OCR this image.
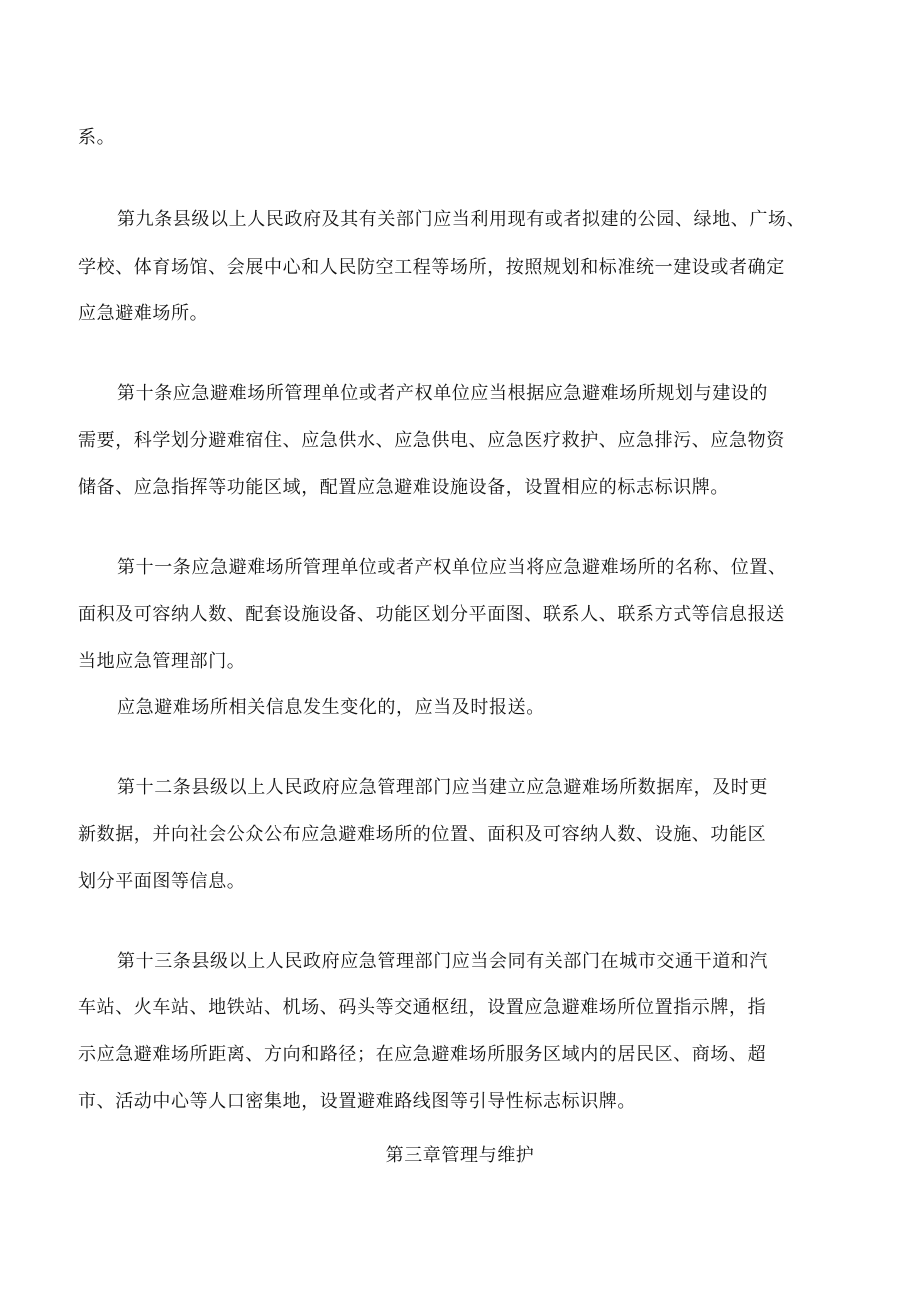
系。
第九条县级以上人民政府及其有关部门应当利用现有或者拟建的公园、绿地、广场、
学校、体育场馆、会展中心和人民防空工程等场所，按照规划和标准统一建设或者确定
应急避难场所。
第十条应急避难场所管理单位或者产权单位应当根据应急避难场所规划与建设的
需要，科学划分避难宿住、应急供水、应急供电、应急医疗救护、应急排污、应急物资
储备、应急指挥等功能区域，配置应急避难设施设备，设置相应的标志标识牌。
第十一条应急避难场所管理单位或者产权单位应当将应急避难场所的名称、位置、
面积及可容纳人数、配套设施设备、功能区划分平面图、联系人、联系方式等信息报送
当地应急管理部门。
应急避难场所相关信息发生变化的，应当及时报送。
第十二条县级以上人民政府应急管理部门应当建立应急避难场所数据库，及时更
新数据，并向社会公众公布应急避难场所的位置、面积及可容纳人数、设施、功能区
划分平面图等信息。
第十三条县级以上人民政府应急管理部门应当会同有关部门在城市交通干道和汽
车站、火车站、地铁站、机场、码头等交通枢纽，设置应急避难场所位置指示牌，指
示应急避难场所距离、方向和路径；在应急避难场所服务区域内的居民区、商场、超
市、活动中心等人口密集地，设置避难路线图等引导性标志标识牌。
第三章管理与维护
